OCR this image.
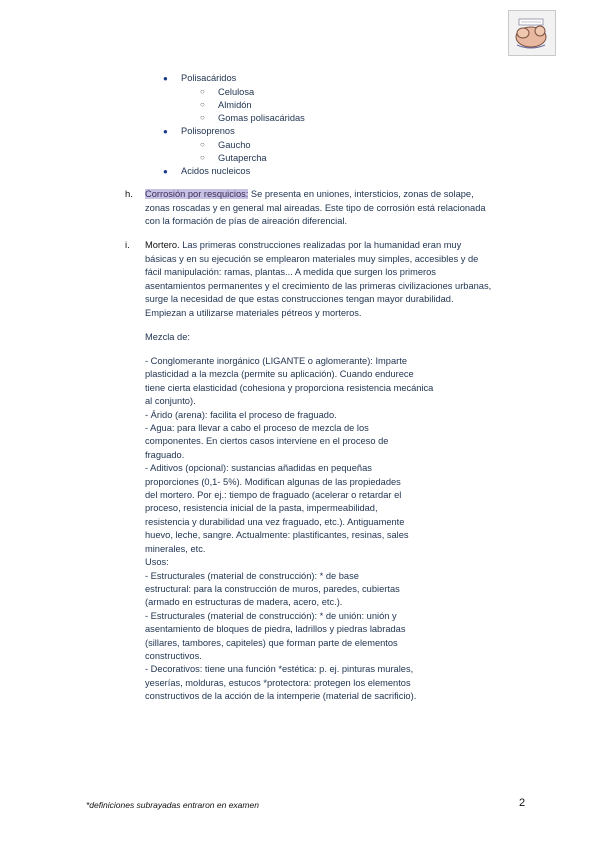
● Polisacáridos
○ Celulosa
○ Almidón
○ Gomas polisacáridas
● Polisoprenos
○ Gaucho
○ Gutapercha
● Acidos nucleicos
h. Corrosión por resquicios: Se presenta en uniones, intersticios, zonas de solape,
zonas roscadas y en general mal aireadas. Este tipo de corrosión está relacionada
con la formación de pías de aireación diferencial.
i. Mortero. Las primeras construcciones realizadas por la humanidad eran muy
básicas y en su ejecución se emplearon materiales muy simples, accesibles y de
fácil manipulación: ramas, plantas... A medida que surgen los primeros
asentamientos permanentes y el crecimiento de las primeras civilizaciones urbanas,
surge la necesidad de que estas construcciones tengan mayor durabilidad.
Empiezan a utilizarse materiales pétreos y morteros.
Mezcla de:
- Conglomerante inorgánico (LIGANTE o aglomerante): Imparte
plasticidad a la mezcla (permite su aplicación). Cuando endurece
tiene cierta elasticidad (cohesiona y proporciona resistencia mecánica
al conjunto).
- Árido (arena): facilita el proceso de fraguado.
- Agua: para llevar a cabo el proceso de mezcla de los
componentes. En ciertos casos interviene en el proceso de
fraguado.
- Aditivos (opcional): sustancias añadidas en pequeñas
proporciones (0,1- 5%). Modifican algunas de las propiedades
del mortero. Por ej.: tiempo de fraguado (acelerar o retardar el
proceso, resistencia inicial de la pasta, impermeabilidad,
resistencia y durabilidad una vez fraguado, etc.). Antiguamente
huevo, leche, sangre. Actualmente: plastificantes, resinas, sales
minerales, etc.
Usos:
- Estructurales (material de construcción): * de base
estructural: para la construcción de muros, paredes, cubiertas
(armado en estructuras de madera, acero, etc.).
- Estructurales (material de construcción): * de unión: unión y
asentamiento de bloques de piedra, ladrillos y piedras labradas
(sillares, tambores, capiteles) que forman parte de elementos
constructivos.
- Decorativos: tiene una función *estética: p. ej. pinturas murales,
yeserías, molduras, estucos *protectora: protegen los elementos
constructivos de la acción de la intemperie (material de sacrificio).
*definiciones subrayadas entraron en examen	2
